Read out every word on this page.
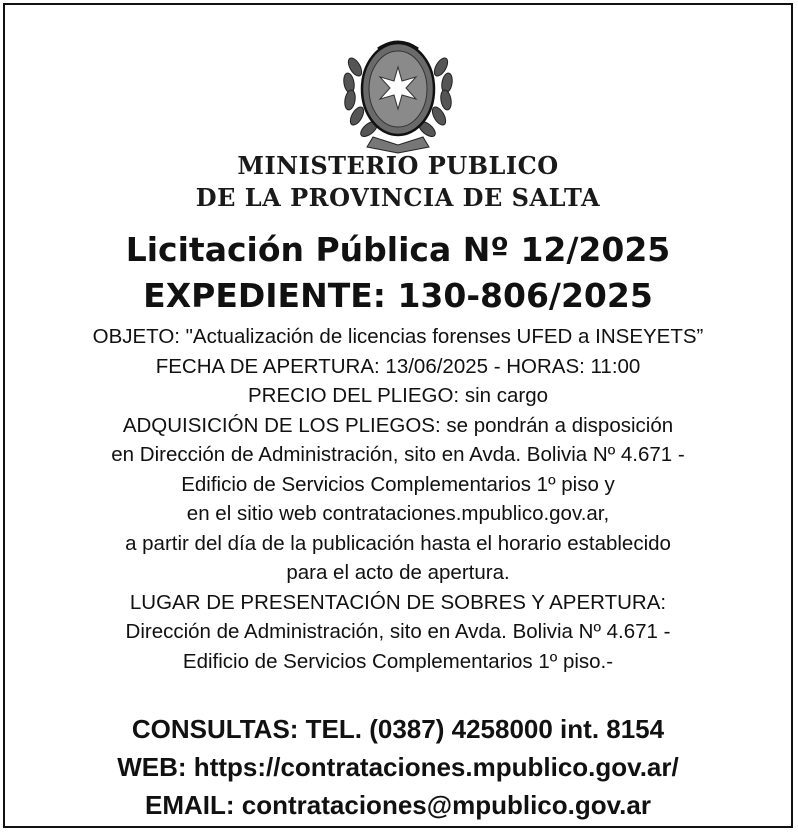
MINISTERIO PUBLICO
DE LA PROVINCIA DE SALTA
Licitación Pública Nº 12/2025
EXPEDIENTE: 130-806/2025
OBJETO: "Actualización de licencias forenses UFED a INSEYETS”
FECHA DE APERTURA: 13/06/2025 - HORAS: 11:00
PRECIO DEL PLIEGO: sin cargo
ADQUISICIÓN DE LOS PLIEGOS: se pondrán a disposición
en Dirección de Administración, sito en Avda. Bolivia Nº 4.671 -
Edificio de Servicios Complementarios 1º piso y
en el sitio web contrataciones.mpublico.gov.ar,
a partir del día de la publicación hasta el horario establecido
para el acto de apertura.
LUGAR DE PRESENTACIÓN DE SOBRES Y APERTURA:
Dirección de Administración, sito en Avda. Bolivia Nº 4.671 -
Edificio de Servicios Complementarios 1º piso.-
CONSULTAS: TEL. (0387) 4258000 int. 8154
WEB: https://contrataciones.mpublico.gov.ar/
EMAIL: contrataciones@mpublico.gov.ar
